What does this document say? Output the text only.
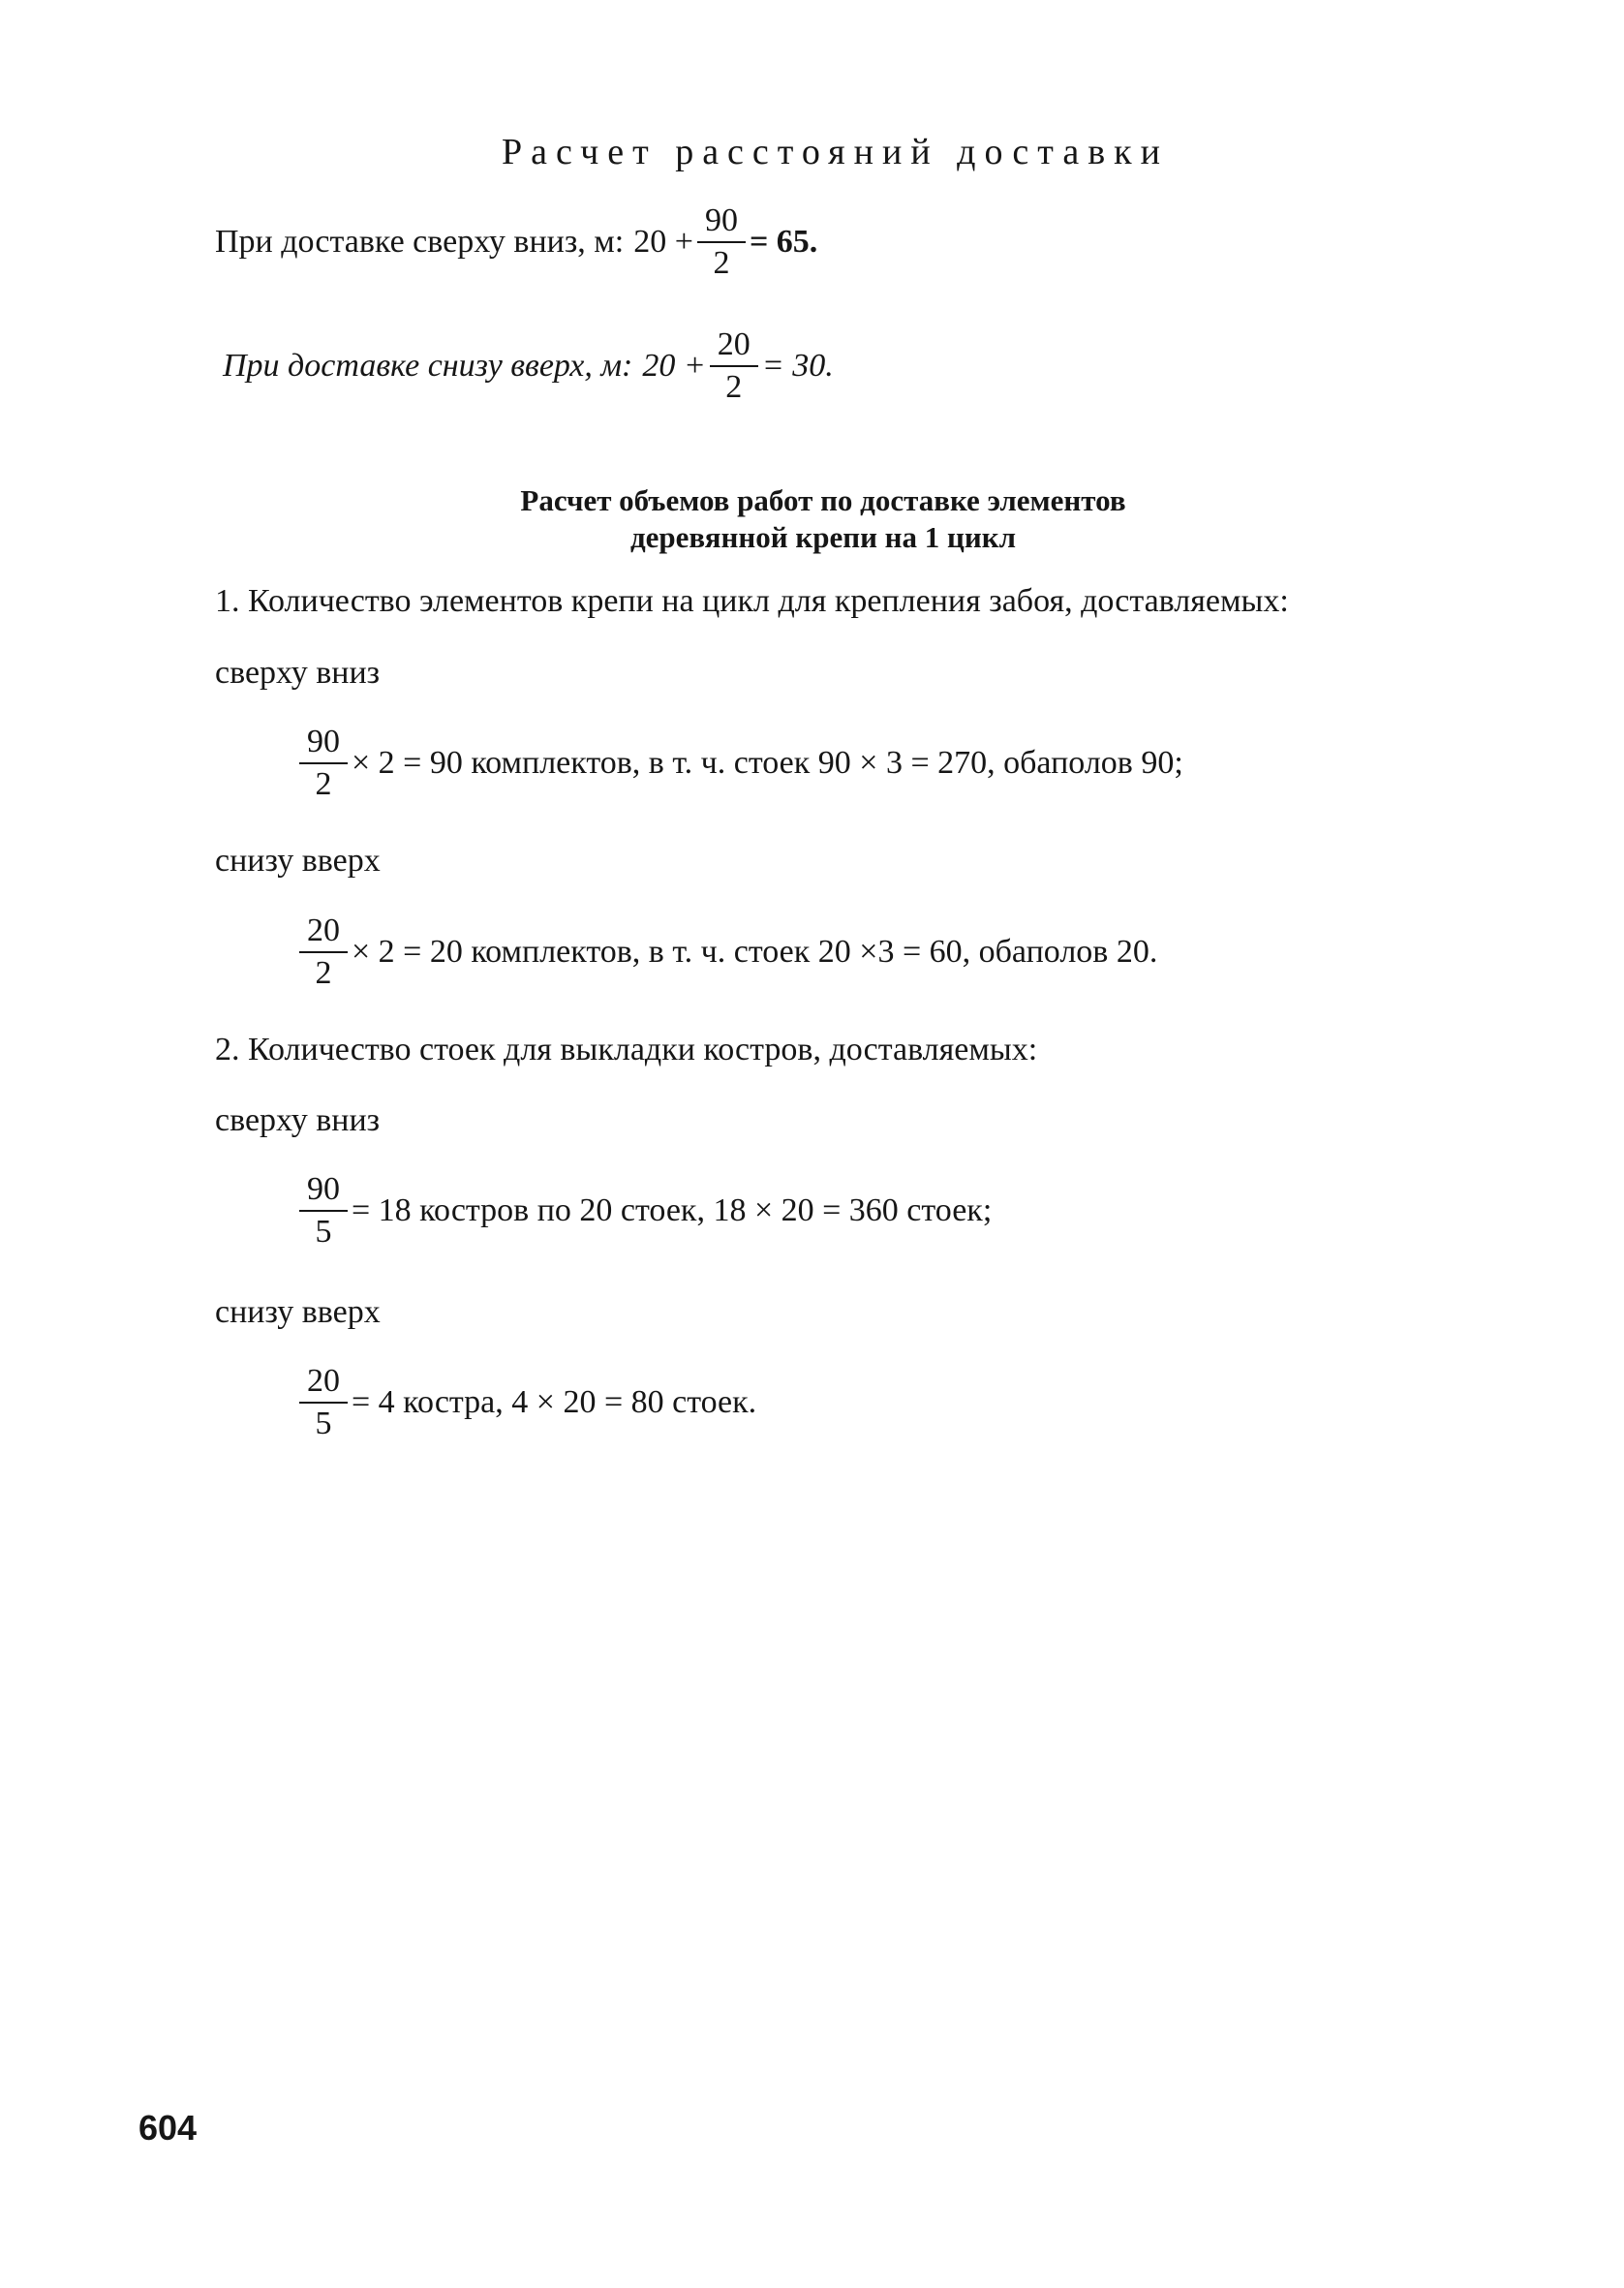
Расчет расстояний доставки
При доставке сверху вниз, м: $20 + \frac{90}{2} = 65$.
При доставке снизу вверх, м: $20 + \frac{20}{2} = 30$.
Расчет объемов работ по доставке элементов
деревянной крепи на 1 цикл
1. Количество элементов крепи на цикл для крепления забоя, доставляемых:
сверху вниз
$\frac{90}{2} \times 2 = 90$ комплектов, в т. ч. стоек 90 × 3 = 270, обаполов 90;
снизу вверх
$\frac{20}{2} \times 2 = 20$ комплектов, в т. ч. стоек 20 ×3 = 60, обаполов 20.
2. Количество стоек для выкладки костров, доставляемых:
сверху вниз
$\frac{90}{5} = 18$ костров по 20 стоек, 18 × 20 = 360 стоек;
снизу вверх
$\frac{20}{5} = 4$ костра, 4 × 20 = 80 стоек.
604
